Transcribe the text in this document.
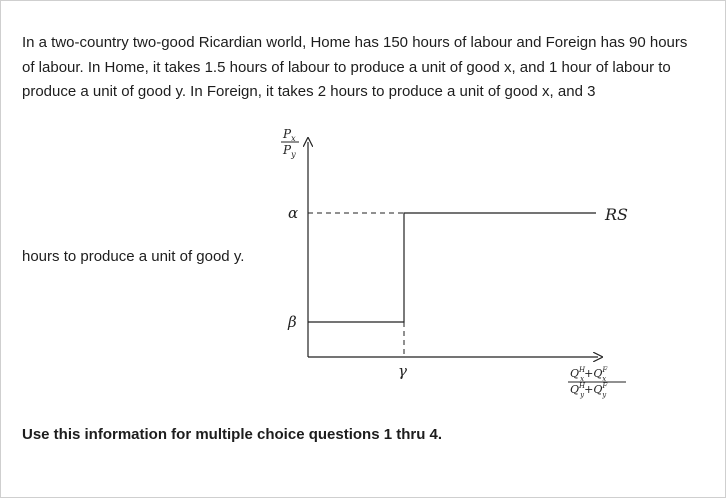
In a two-country two-good Ricardian world, Home has 150 hours of labour and Foreign has 90 hours of labour. In Home, it takes 1.5 hours of labour to produce a unit of good x, and 1 hour of labour to produce a unit of good y. In Foreign, it takes 2 hours to produce a unit of good x, and 3

hours to produce a unit of good y.

Use this information for multiple choice questions 1 thru 4.

$P_x$
$P_y$
α
β
γ
RS
$Q^H$ $x+Q^F$ x
$Q^H$ $y+Q^F$ y
